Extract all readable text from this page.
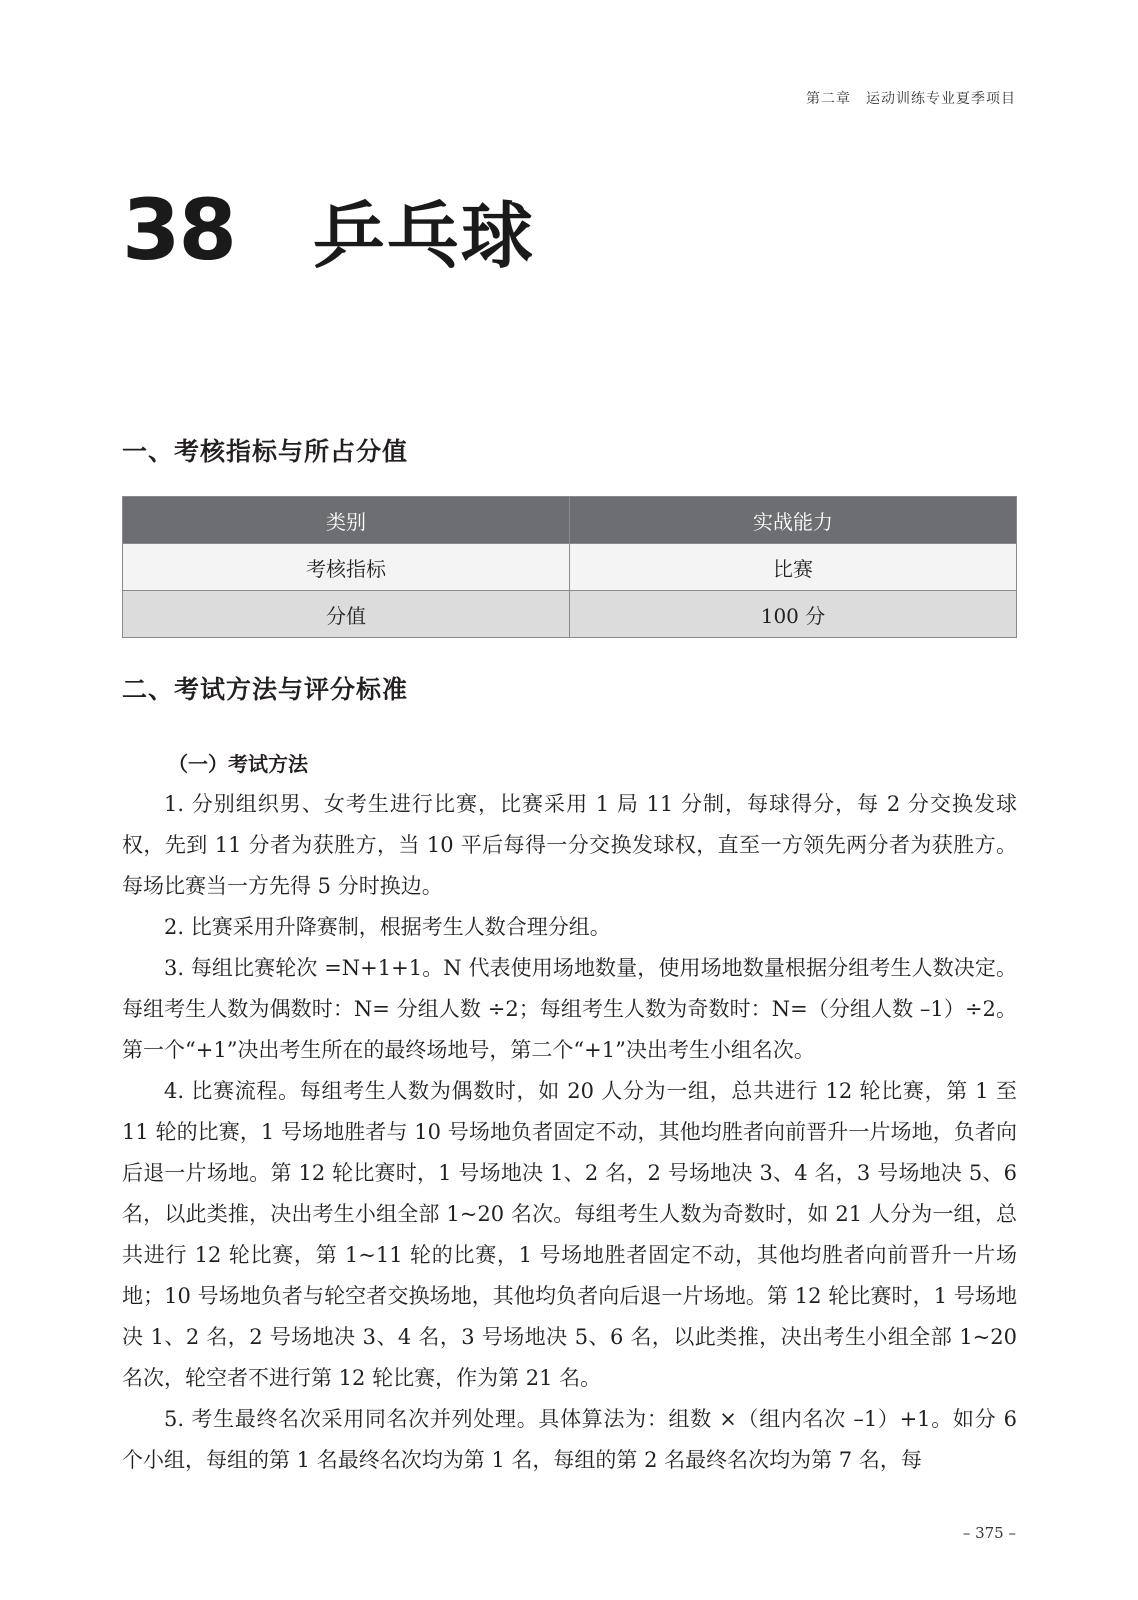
第二章　运动训练专业夏季项目
38 乒乓球
一、考核指标与所占分值
类别	实战能力
考核指标	比赛
分值	100 分
二、考试方法与评分标准
（一）考试方法

1. 分别组织男、女考生进行比赛，比赛采用 1 局 11 分制，每球得分，每 2 分交换发球权，先到 11 分者为获胜方，当 10 平后每得一分交换发球权，直至一方领先两分者为获胜方。每场比赛当一方先得 5 分时换边。

2. 比赛采用升降赛制，根据考生人数合理分组。

3. 每组比赛轮次 =N+1+1。N 代表使用场地数量，使用场地数量根据分组考生人数决定。每组考生人数为偶数时：N= 分组人数 ÷2；每组考生人数为奇数时：N=（分组人数 –1）÷2。第一个“+1”决出考生所在的最终场地号，第二个“+1”决出考生小组名次。

4. 比赛流程。每组考生人数为偶数时，如 20 人分为一组，总共进行 12 轮比赛，第 1 至 11 轮的比赛，1 号场地胜者与 10 号场地负者固定不动，其他均胜者向前晋升一片场地，负者向后退一片场地。第 12 轮比赛时，1 号场地决 1、2 名，2 号场地决 3、4 名，3 号场地决 5、6 名，以此类推，决出考生小组全部 1~20 名次。每组考生人数为奇数时，如 21 人分为一组，总共进行 12 轮比赛，第 1~11 轮的比赛，1 号场地胜者固定不动，其他均胜者向前晋升一片场地；10 号场地负者与轮空者交换场地，其他均负者向后退一片场地。第 12 轮比赛时，1 号场地决 1、2 名，2 号场地决 3、4 名，3 号场地决 5、6 名，以此类推，决出考生小组全部 1~20 名次，轮空者不进行第 12 轮比赛，作为第 21 名。

5. 考生最终名次采用同名次并列处理。具体算法为：组数 ×（组内名次 –1）+1。如分 6 个小组，每组的第 1 名最终名次均为第 1 名，每组的第 2 名最终名次均为第 7 名，每

– 375 –
